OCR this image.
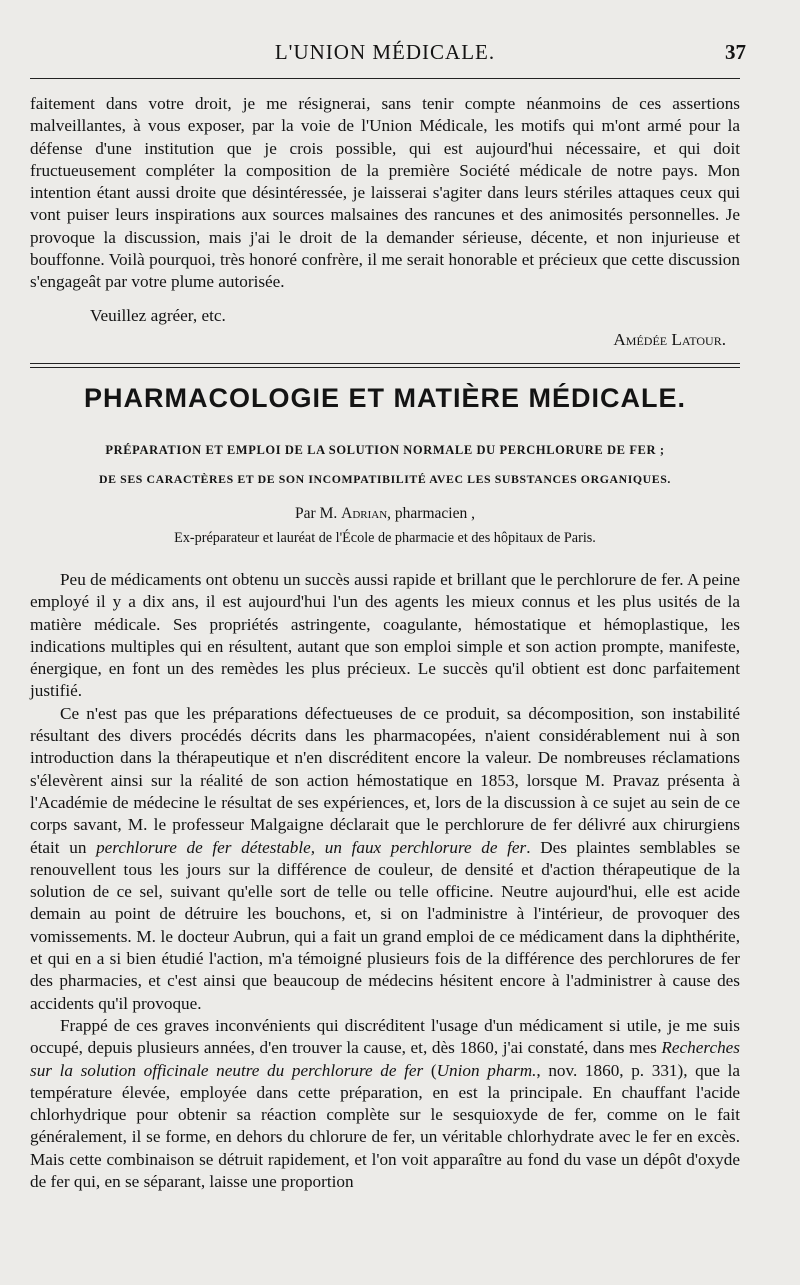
L'UNION MÉDICALE.	37

faitement dans votre droit, je me résignerai, sans tenir compte néanmoins de ces assertions malveillantes, à vous exposer, par la voie de l'Union Médicale, les motifs qui m'ont armé pour la défense d'une institution que je crois possible, qui est aujourd'hui nécessaire, et qui doit fructueusement compléter la composition de la première Société médicale de notre pays. Mon intention étant aussi droite que désintéressée, je laisserai s'agiter dans leurs stériles attaques ceux qui vont puiser leurs inspirations aux sources malsaines des rancunes et des animosités personnelles. Je provoque la discussion, mais j'ai le droit de la demander sérieuse, décente, et non injurieuse et bouffonne. Voilà pourquoi, très honoré confrère, il me serait honorable et précieux que cette discussion s'engageât par votre plume autorisée.

Veuillez agréer, etc.
Amédée Latour.
PHARMACOLOGIE ET MATIÈRE MÉDICALE.
PRÉPARATION ET EMPLOI DE LA SOLUTION NORMALE DU PERCHLORURE DE FER ;
DE SES CARACTÈRES ET DE SON INCOMPATIBILITÉ AVEC LES SUBSTANCES ORGANIQUES.
Par M. Adrian, pharmacien ,
Ex-préparateur et lauréat de l'École de pharmacie et des hôpitaux de Paris.

Peu de médicaments ont obtenu un succès aussi rapide et brillant que le perchlorure de fer. A peine employé il y a dix ans, il est aujourd'hui l'un des agents les mieux connus et les plus usités de la matière médicale. Ses propriétés astringente, coagulante, hémostatique et hémoplastique, les indications multiples qui en résultent, autant que son emploi simple et son action prompte, manifeste, énergique, en font un des remèdes les plus précieux. Le succès qu'il obtient est donc parfaitement justifié.

Ce n'est pas que les préparations défectueuses de ce produit, sa décomposition, son instabilité résultant des divers procédés décrits dans les pharmacopées, n'aient considérablement nui à son introduction dans la thérapeutique et n'en discréditent encore la valeur. De nombreuses réclamations s'élevèrent ainsi sur la réalité de son action hémostatique en 1853, lorsque M. Pravaz présenta à l'Académie de médecine le résultat de ses expériences, et, lors de la discussion à ce sujet au sein de ce corps savant, M. le professeur Malgaigne déclarait que le perchlorure de fer délivré aux chirurgiens était un perchlorure de fer détestable, un faux perchlorure de fer. Des plaintes semblables se renouvellent tous les jours sur la différence de couleur, de densité et d'action thérapeutique de la solution de ce sel, suivant qu'elle sort de telle ou telle officine. Neutre aujourd'hui, elle est acide demain au point de détruire les bouchons, et, si on l'administre à l'intérieur, de provoquer des vomissements. M. le docteur Aubrun, qui a fait un grand emploi de ce médicament dans la diphthérite, et qui en a si bien étudié l'action, m'a témoigné plusieurs fois de la différence des perchlorures de fer des pharmacies, et c'est ainsi que beaucoup de médecins hésitent encore à l'administrer à cause des accidents qu'il provoque.

Frappé de ces graves inconvénients qui discréditent l'usage d'un médicament si utile, je me suis occupé, depuis plusieurs années, d'en trouver la cause, et, dès 1860, j'ai constaté, dans mes Recherches sur la solution officinale neutre du perchlorure de fer (Union pharm., nov. 1860, p. 331), que la température élevée, employée dans cette préparation, en est la principale. En chauffant l'acide chlorhydrique pour obtenir sa réaction complète sur le sesquioxyde de fer, comme on le fait généralement, il se forme, en dehors du chlorure de fer, un véritable chlorhydrate avec le fer en excès. Mais cette combinaison se détruit rapidement, et l'on voit apparaître au fond du vase un dépôt d'oxyde de fer qui, en se séparant, laisse une proportion
